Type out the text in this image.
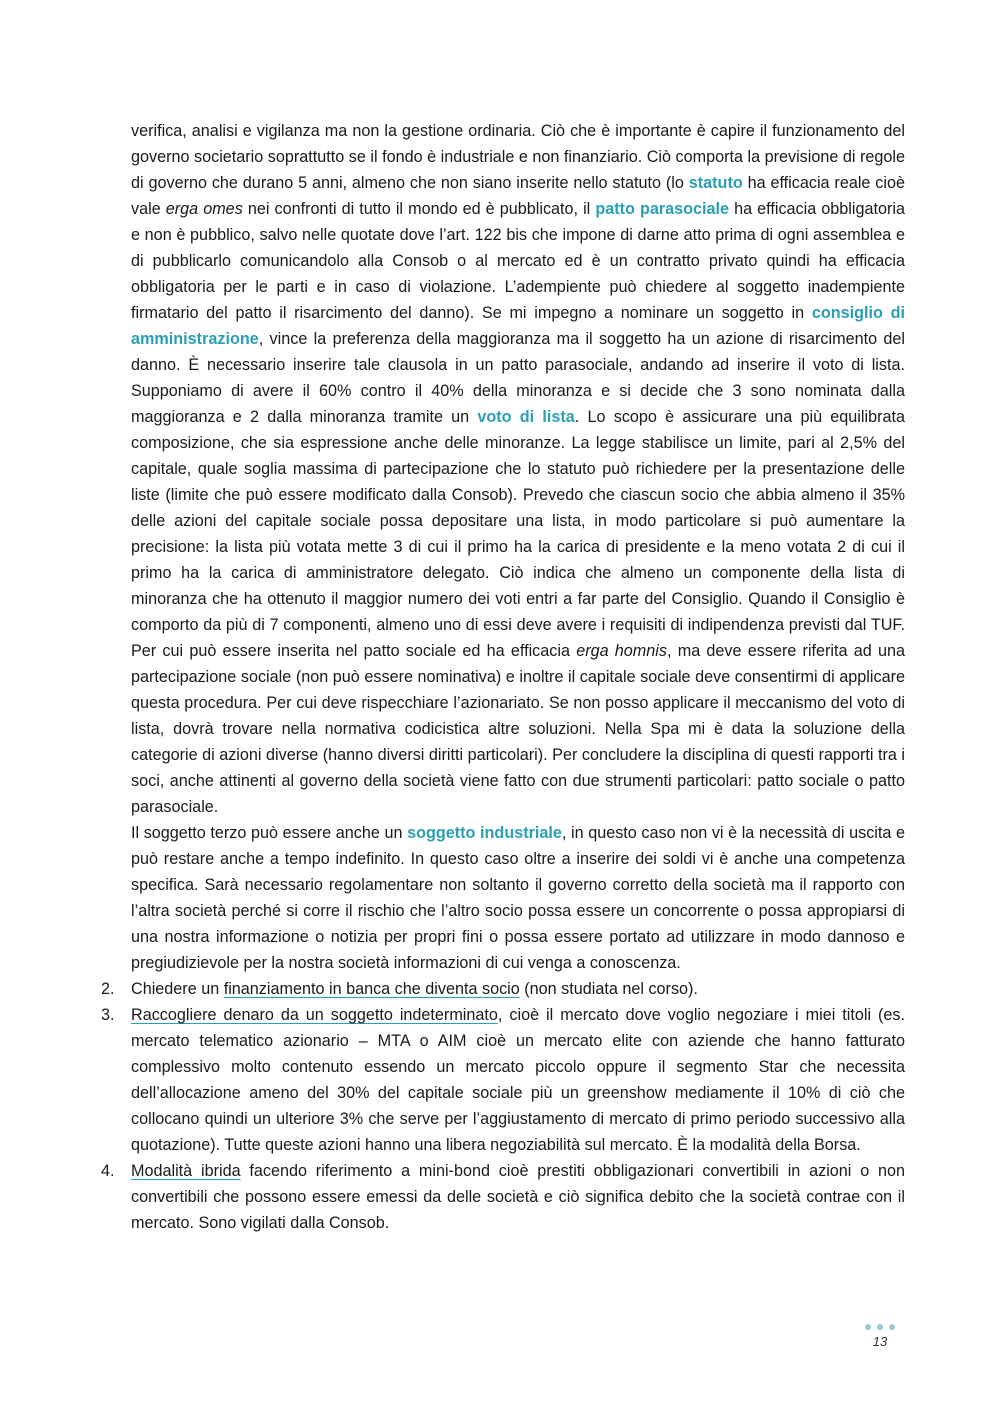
verifica, analisi e vigilanza ma non la gestione ordinaria. Ciò che è importante è capire il funzionamento del governo societario soprattutto se il fondo è industriale e non finanziario. Ciò comporta la previsione di regole di governo che durano 5 anni, almeno che non siano inserite nello statuto (lo statuto ha efficacia reale cioè vale erga omes nei confronti di tutto il mondo ed è pubblicato, il patto parasociale ha efficacia obbligatoria e non è pubblico, salvo nelle quotate dove l’art. 122 bis che impone di darne atto prima di ogni assemblea e di pubblicarlo comunicandolo alla Consob o al mercato ed è un contratto privato quindi ha efficacia obbligatoria per le parti e in caso di violazione. L’adempiente può chiedere al soggetto inadempiente firmatario del patto il risarcimento del danno). Se mi impegno a nominare un soggetto in consiglio di amministrazione, vince la preferenza della maggioranza ma il soggetto ha un azione di risarcimento del danno. È necessario inserire tale clausola in un patto parasociale, andando ad inserire il voto di lista. Supponiamo di avere il 60% contro il 40% della minoranza e si decide che 3 sono nominata dalla maggioranza e 2 dalla minoranza tramite un voto di lista. Lo scopo è assicurare una più equilibrata composizione, che sia espressione anche delle minoranze. La legge stabilisce un limite, pari al 2,5% del capitale, quale soglia massima di partecipazione che lo statuto può richiedere per la presentazione delle liste (limite che può essere modificato dalla Consob). Prevedo che ciascun socio che abbia almeno il 35% delle azioni del capitale sociale possa depositare una lista, in modo particolare si può aumentare la precisione: la lista più votata mette 3 di cui il primo ha la carica di presidente e la meno votata 2 di cui il primo ha la carica di amministratore delegato. Ciò indica che almeno un componente della lista di minoranza che ha ottenuto il maggior numero dei voti entri a far parte del Consiglio. Quando il Consiglio è comporto da più di 7 componenti, almeno uno di essi deve avere i requisiti di indipendenza previsti dal TUF. Per cui può essere inserita nel patto sociale ed ha efficacia erga homnis, ma deve essere riferita ad una partecipazione sociale (non può essere nominativa) e inoltre il capitale sociale deve consentirmi di applicare questa procedura. Per cui deve rispecchiare l’azionariato. Se non posso applicare il meccanismo del voto di lista, dovrà trovare nella normativa codicistica altre soluzioni. Nella Spa mi è data la soluzione della categorie di azioni diverse (hanno diversi diritti particolari). Per concludere la disciplina di questi rapporti tra i soci, anche attinenti al governo della società viene fatto con due strumenti particolari: patto sociale o patto parasociale.

Il soggetto terzo può essere anche un soggetto industriale, in questo caso non vi è la necessità di uscita e può restare anche a tempo indefinito. In questo caso oltre a inserire dei soldi vi è anche una competenza specifica. Sarà necessario regolamentare non soltanto il governo corretto della società ma il rapporto con l’altra società perché si corre il rischio che l’altro socio possa essere un concorrente o possa appropiarsi di una nostra informazione o notizia per propri fini o possa essere portato ad utilizzare in modo dannoso e pregiudizievole per la nostra società informazioni di cui venga a conoscenza.

2. Chiedere un finanziamento in banca che diventa socio (non studiata nel corso).
3. Raccogliere denaro da un soggetto indeterminato, cioè il mercato dove voglio negoziare i miei titoli (es. mercato telematico azionario – MTA o AIM cioè un mercato elite con aziende che hanno fatturato complessivo molto contenuto essendo un mercato piccolo oppure il segmento Star che necessita dell’allocazione ameno del 30% del capitale sociale più un greenshow mediamente il 10% di ciò che collocano quindi un ulteriore 3% che serve per l’aggiustamento di mercato di primo periodo successivo alla quotazione). Tutte queste azioni hanno una libera negoziabilità sul mercato. È la modalità della Borsa.
4. Modalità ibrida facendo riferimento a mini-bond cioè prestiti obbligazionari convertibili in azioni o non convertibili che possono essere emessi da delle società e ciò significa debito che la società contrae con il mercato. Sono vigilati dalla Consob.
13
